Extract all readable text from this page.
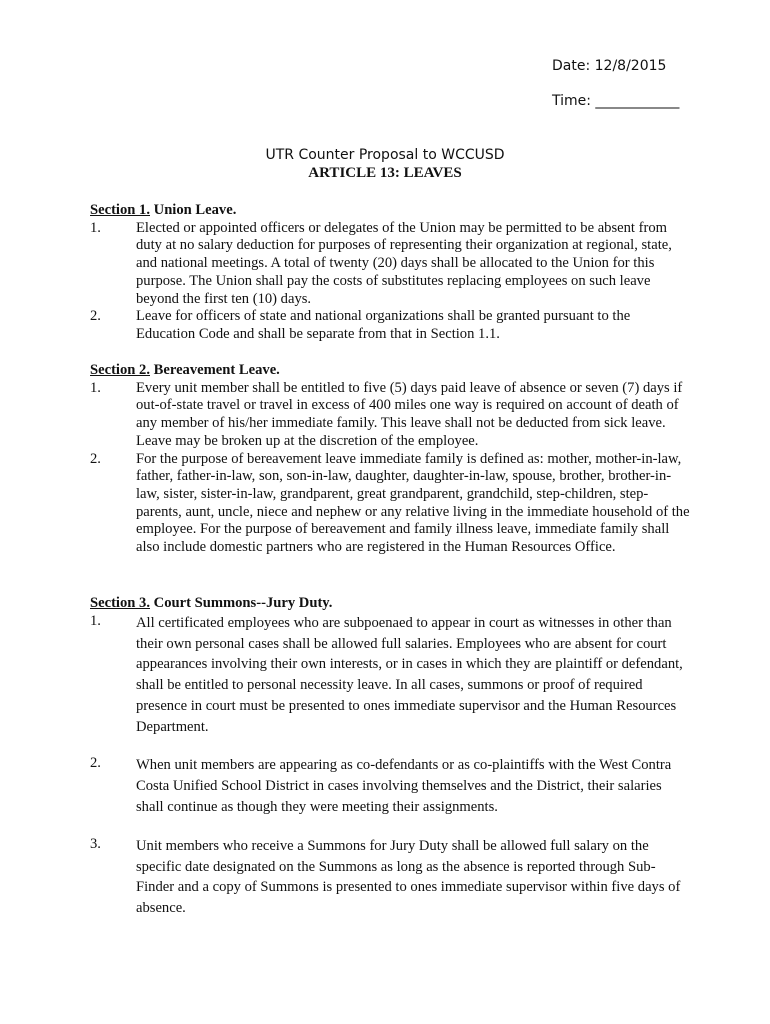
Date: 12/8/2015
Time: ____________
UTR Counter Proposal to WCCUSD
ARTICLE 13: LEAVES
Section 1. Union Leave.
1.	Elected or appointed officers or delegates of the Union may be permitted to be absent from duty at no salary deduction for purposes of representing their organization at regional, state, and national meetings. A total of twenty (20) days shall be allocated to the Union for this purpose. The Union shall pay the costs of substitutes replacing employees on such leave beyond the first ten (10) days.
2.	Leave for officers of state and national organizations shall be granted pursuant to the Education Code and shall be separate from that in Section 1.1.
Section 2. Bereavement Leave.
1.	Every unit member shall be entitled to five (5) days paid leave of absence or seven (7) days if out-of-state travel or travel in excess of 400 miles one way is required on account of death of any member of his/her immediate family. This leave shall not be deducted from sick leave. Leave may be broken up at the discretion of the employee.
2.	For the purpose of bereavement leave immediate family is defined as: mother, mother-in-law, father, father-in-law, son, son-in-law, daughter, daughter-in-law, spouse, brother, brother-in-law, sister, sister-in-law, grandparent, great grandparent, grandchild, step-children, step-parents, aunt, uncle, niece and nephew or any relative living in the immediate household of the employee. For the purpose of bereavement and family illness leave, immediate family shall also include domestic partners who are registered in the Human Resources Office.
Section 3. Court Summons--Jury Duty.
1.	All certificated employees who are subpoenaed to appear in court as witnesses in other than their own personal cases shall be allowed full salaries. Employees who are absent for court appearances involving their own interests, or in cases in which they are plaintiff or defendant, shall be entitled to personal necessity leave. In all cases, summons or proof of required presence in court must be presented to ones immediate supervisor and the Human Resources Department.
2.	When unit members are appearing as co-defendants or as co-plaintiffs with the West Contra Costa Unified School District in cases involving themselves and the District, their salaries shall continue as though they were meeting their assignments.
3.	Unit members who receive a Summons for Jury Duty shall be allowed full salary on the specific date designated on the Summons as long as the absence is reported through Sub-Finder and a copy of Summons is presented to ones immediate supervisor within five days of absence.
